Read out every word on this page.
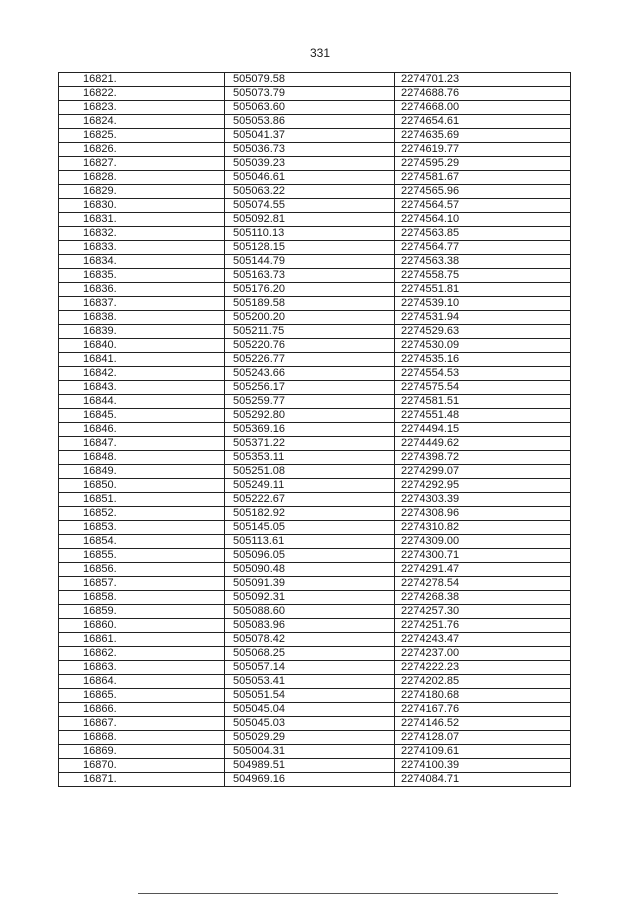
331
16821.	505079.58	2274701.23
16822.	505073.79	2274688.76
16823.	505063.60	2274668.00
16824.	505053.86	2274654.61
16825.	505041.37	2274635.69
16826.	505036.73	2274619.77
16827.	505039.23	2274595.29
16828.	505046.61	2274581.67
16829.	505063.22	2274565.96
16830.	505074.55	2274564.57
16831.	505092.81	2274564.10
16832.	505110.13	2274563.85
16833.	505128.15	2274564.77
16834.	505144.79	2274563.38
16835.	505163.73	2274558.75
16836.	505176.20	2274551.81
16837.	505189.58	2274539.10
16838.	505200.20	2274531.94
16839.	505211.75	2274529.63
16840.	505220.76	2274530.09
16841.	505226.77	2274535.16
16842.	505243.66	2274554.53
16843.	505256.17	2274575.54
16844.	505259.77	2274581.51
16845.	505292.80	2274551.48
16846.	505369.16	2274494.15
16847.	505371.22	2274449.62
16848.	505353.11	2274398.72
16849.	505251.08	2274299.07
16850.	505249.11	2274292.95
16851.	505222.67	2274303.39
16852.	505182.92	2274308.96
16853.	505145.05	2274310.82
16854.	505113.61	2274309.00
16855.	505096.05	2274300.71
16856.	505090.48	2274291.47
16857.	505091.39	2274278.54
16858.	505092.31	2274268.38
16859.	505088.60	2274257.30
16860.	505083.96	2274251.76
16861.	505078.42	2274243.47
16862.	505068.25	2274237.00
16863.	505057.14	2274222.23
16864.	505053.41	2274202.85
16865.	505051.54	2274180.68
16866.	505045.04	2274167.76
16867.	505045.03	2274146.52
16868.	505029.29	2274128.07
16869.	505004.31	2274109.61
16870.	504989.51	2274100.39
16871.	504969.16	2274084.71
